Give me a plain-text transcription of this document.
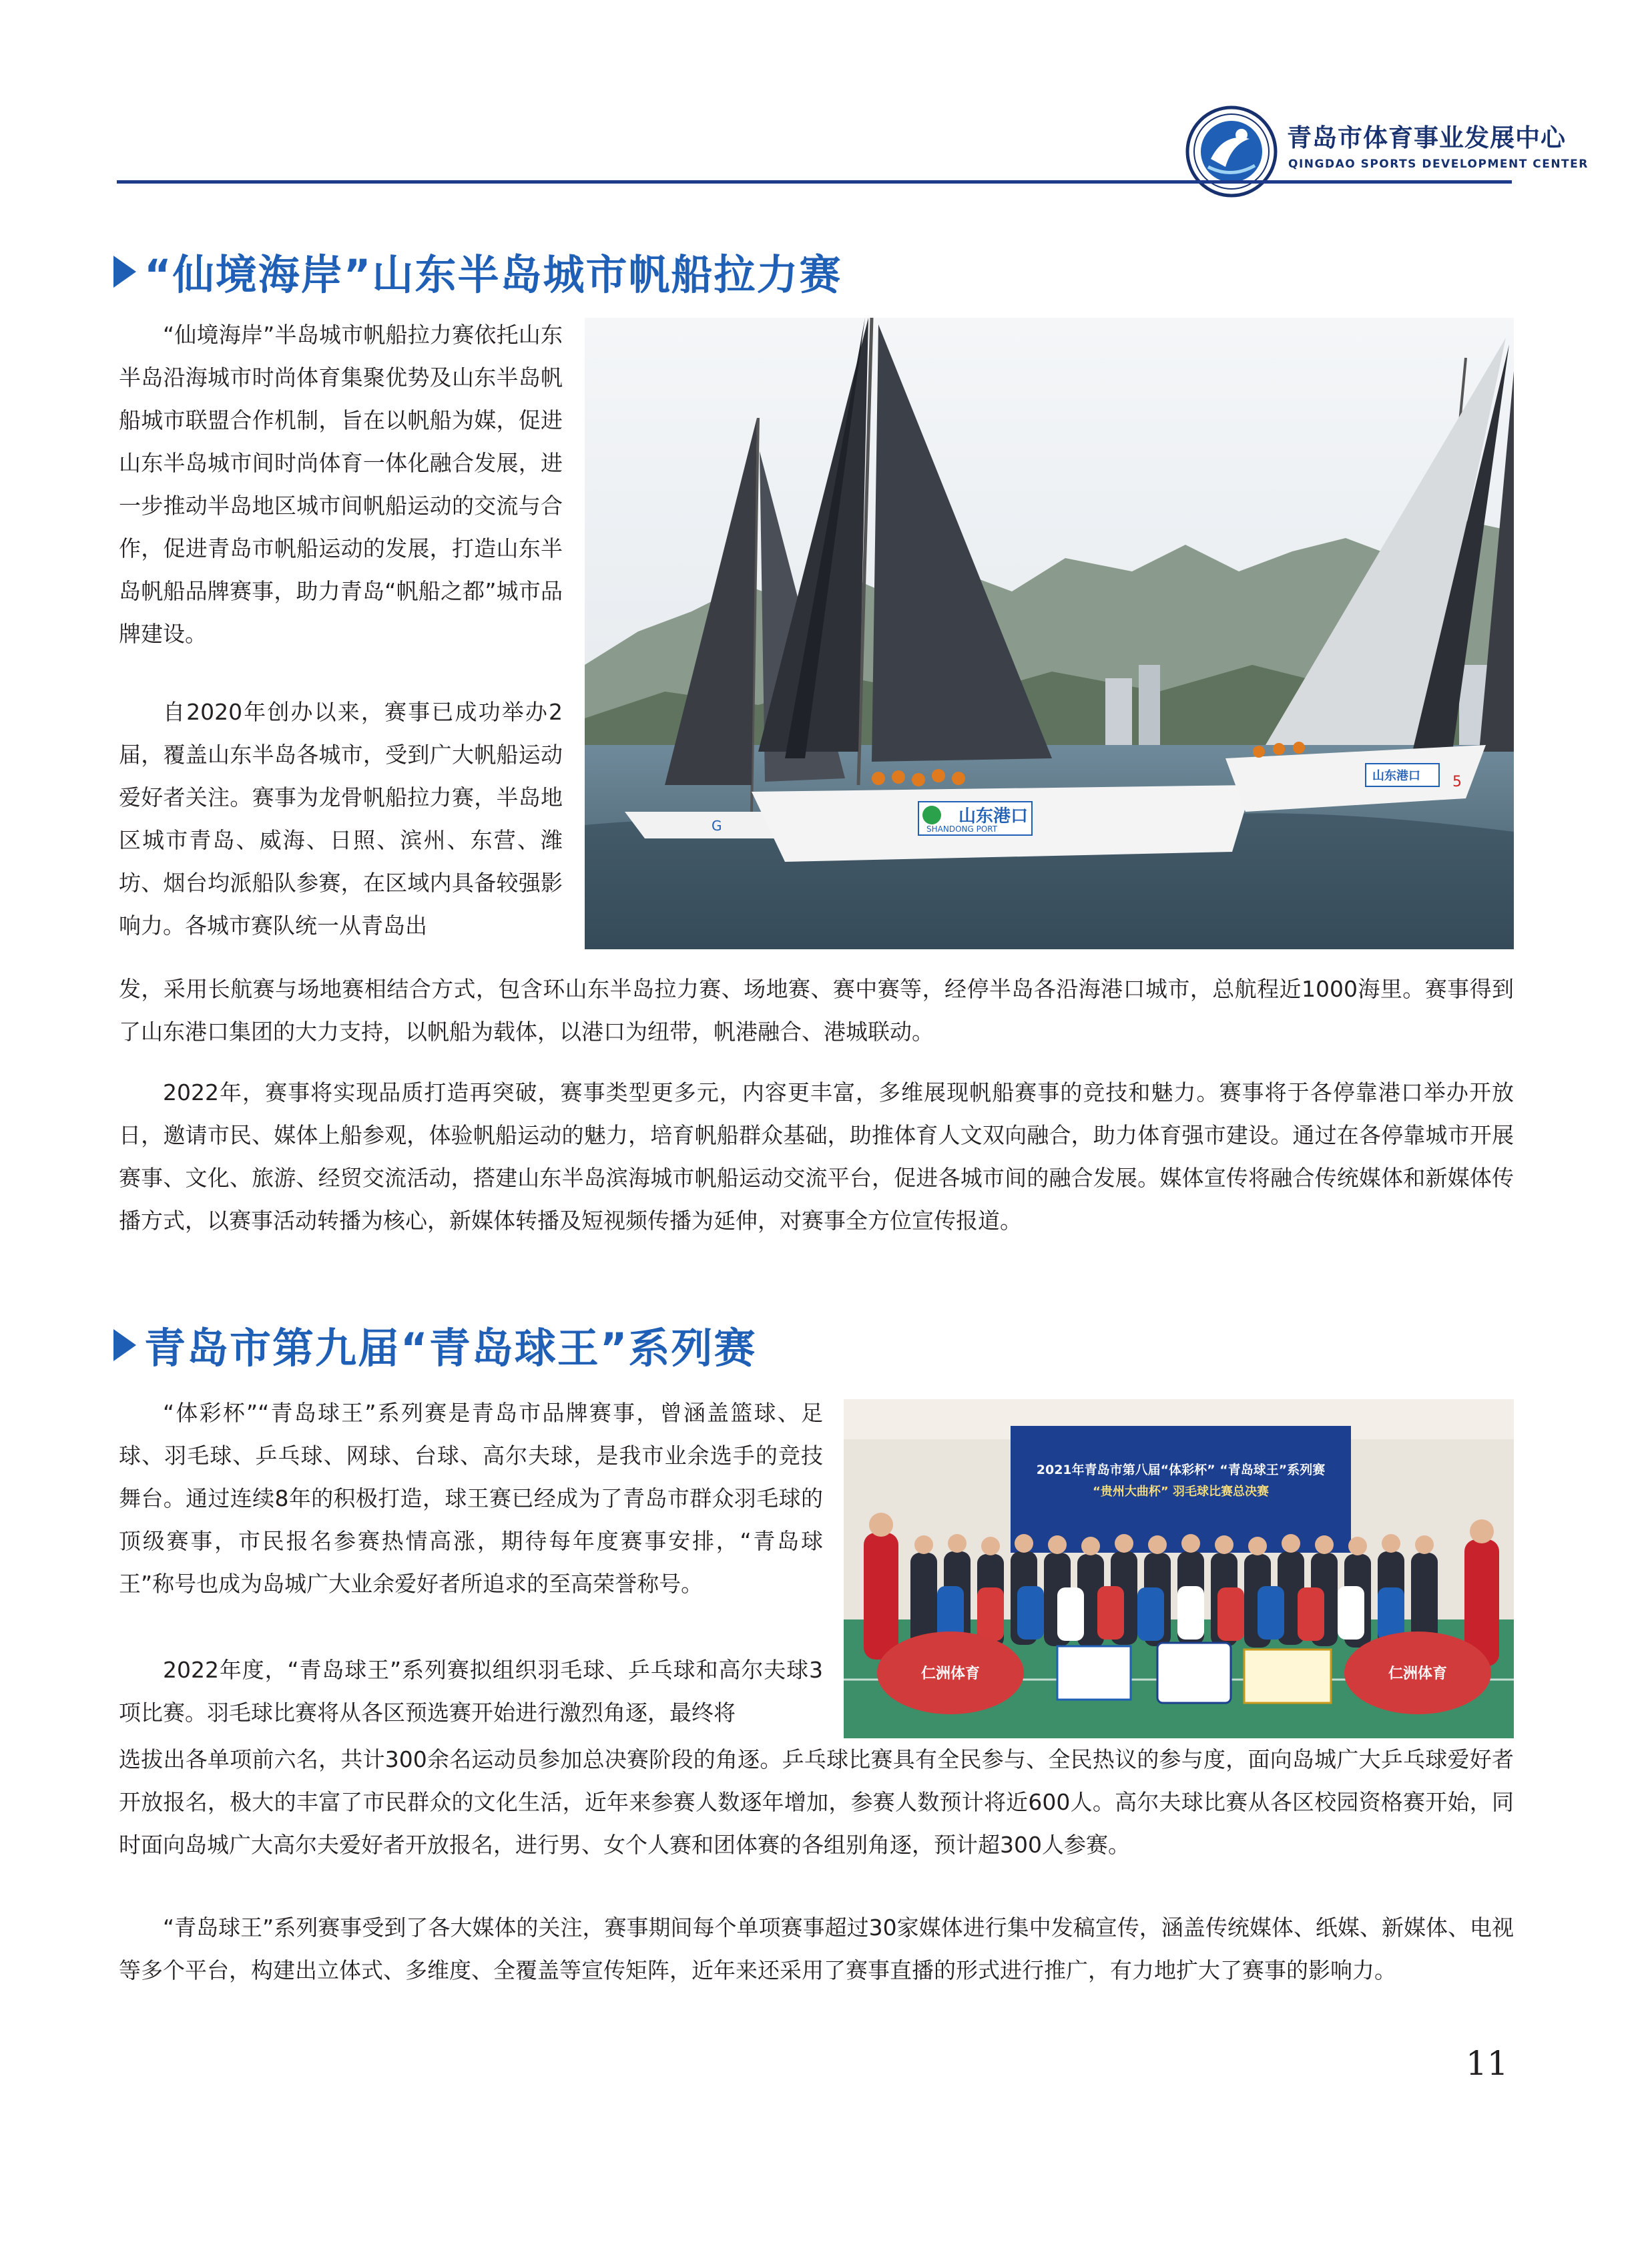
青岛市体育事业发展中心
QINGDAO SPORTS DEVELOPMENT CENTER
“仙境海岸”山东半岛城市帆船拉力赛
“仙境海岸”半岛城市帆船拉力赛依托山东半岛沿海城市时尚体育集聚优势及山东半岛帆船城市联盟合作机制，旨在以帆船为媒，促进山东半岛城市间时尚体育一体化融合发展，进一步推动半岛地区城市间帆船运动的交流与合作，促进青岛市帆船运动的发展，打造山东半岛帆船品牌赛事，助力青岛“帆船之都”城市品牌建设。
自2020年创办以来，赛事已成功举办2届，覆盖山东半岛各城市，受到广大帆船运动爱好者关注。赛事为龙骨帆船拉力赛，半岛地区城市青岛、威海、日照、滨州、东营、潍坊、烟台均派船队参赛，在区域内具备较强影响力。各城市赛队统一从青岛出
G	山东港口
SHANDONG PORT
山东港口 5
发，采用长航赛与场地赛相结合方式，包含环山东半岛拉力赛、场地赛、赛中赛等，经停半岛各沿海港口城市，总航程近1000海里。赛事得到了山东港口集团的大力支持，以帆船为载体，以港口为纽带，帆港融合、港城联动。
2022年，赛事将实现品质打造再突破，赛事类型更多元，内容更丰富，多维展现帆船赛事的竞技和魅力。赛事将于各停靠港口举办开放日，邀请市民、媒体上船参观，体验帆船运动的魅力，培育帆船群众基础，助推体育人文双向融合，助力体育强市建设。通过在各停靠城市开展赛事、文化、旅游、经贸交流活动，搭建山东半岛滨海城市帆船运动交流平台，促进各城市间的融合发展。媒体宣传将融合传统媒体和新媒体传播方式，以赛事活动转播为核心，新媒体转播及短视频传播为延伸，对赛事全方位宣传报道。
青岛市第九届“青岛球王”系列赛
“体彩杯”“青岛球王”系列赛是青岛市品牌赛事，曾涵盖篮球、足球、羽毛球、乒乓球、网球、台球、高尔夫球，是我市业余选手的竞技舞台。通过连续8年的积极打造，球王赛已经成为了青岛市群众羽毛球的顶级赛事，市民报名参赛热情高涨，期待每年度赛事安排，“青岛球王”称号也成为岛城广大业余爱好者所追求的至高荣誉称号。
2022年度，“青岛球王”系列赛拟组织羽毛球、乒乓球和高尔夫球3项比赛。羽毛球比赛将从各区预选赛开始进行激烈角逐，最终将
2021年青岛市第八届“体彩杯” “青岛球王”系列赛
“贵州大曲杯” 羽毛球比赛总决赛
仁洲体育	仁洲体育
选拔出各单项前六名，共计300余名运动员参加总决赛阶段的角逐。乒乓球比赛具有全民参与、全民热议的参与度，面向岛城广大乒乓球爱好者开放报名，极大的丰富了市民群众的文化生活，近年来参赛人数逐年增加，参赛人数预计将近600人。高尔夫球比赛从各区校园资格赛开始，同时面向岛城广大高尔夫爱好者开放报名，进行男、女个人赛和团体赛的各组别角逐，预计超300人参赛。
“青岛球王”系列赛事受到了各大媒体的关注，赛事期间每个单项赛事超过30家媒体进行集中发稿宣传，涵盖传统媒体、纸媒、新媒体、电视等多个平台，构建出立体式、多维度、全覆盖等宣传矩阵，近年来还采用了赛事直播的形式进行推广，有力地扩大了赛事的影响力。
11
